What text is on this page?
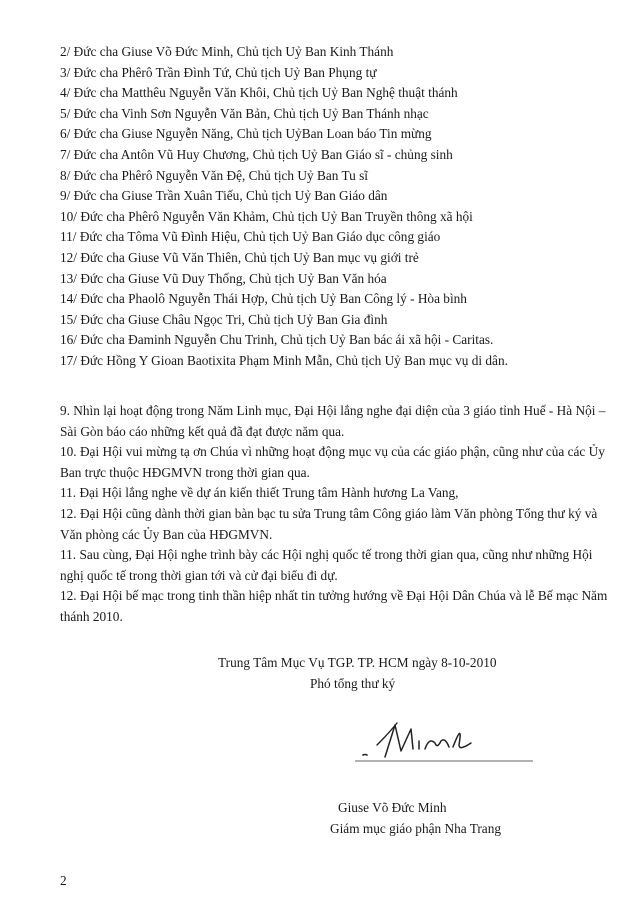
2/ Đức cha Giuse Võ Đức Minh, Chủ tịch Uỷ Ban Kinh Thánh
3/ Đức cha Phêrô Trần Đình Tứ, Chủ tịch Uỷ Ban Phụng tự
4/ Đức cha Matthêu Nguyễn Văn Khôi, Chủ tịch Uỷ Ban Nghệ thuật thánh
5/ Đức cha Vinh Sơn Nguyễn Văn Bản, Chủ tịch Uỷ Ban Thánh nhạc
6/ Đức cha Giuse Nguyễn Năng, Chủ tịch UỷBan Loan báo Tin mừng
7/ Đức cha Antôn Vũ Huy Chương, Chủ tịch Uỷ Ban Giáo sĩ - chủng sinh
8/ Đức cha Phêrô Nguyễn Văn Đệ, Chủ tịch Uỷ Ban Tu sĩ
9/ Đức cha Giuse Trần Xuân Tiếu, Chủ tịch Uỷ Ban Giáo dân
10/ Đức cha Phêrô Nguyễn Văn Khảm, Chủ tịch Uỷ Ban Truyền thông xã hội
11/ Đức cha Tôma Vũ Đình Hiệu, Chủ tịch Uỷ Ban Giáo dục công giáo
12/ Đức cha Giuse Vũ Văn Thiên, Chủ tịch Uỷ Ban mục vụ giới trẻ
13/ Đức cha Giuse Vũ Duy Thống, Chủ tịch Uỷ Ban Văn hóa
14/ Đức cha Phaolô Nguyễn Thái Hợp, Chủ tịch Uỷ Ban Công lý - Hòa bình
15/ Đức cha Giuse Châu Ngọc Tri, Chủ tịch Uỷ Ban Gia đình
16/ Đức cha Đaminh Nguyễn Chu Trinh, Chủ tịch Uỷ Ban bác ái xã hội - Caritas.
17/ Đức Hồng Y Gioan Baotixita Phạm Minh Mẫn, Chủ tịch Uỷ Ban mục vụ di dân.
9. Nhìn lại hoạt động trong Năm Linh mục, Đại Hội lắng nghe đại diện của 3 giáo tỉnh Huế - Hà Nội – Sài Gòn báo cáo những kết quả đã đạt được năm qua.
10. Đại Hội vui mừng tạ ơn Chúa vì những hoạt động mục vụ của các giáo phận, cũng như của các Ủy Ban trực thuộc HĐGMVN trong thời gian qua.
11. Đại Hội lắng nghe về dự án kiến thiết Trung tâm Hành hương La Vang,
12. Đại Hội cũng dành thời gian bàn bạc tu sửa Trung tâm Công giáo làm Văn phòng Tổng thư ký và Văn phòng các Ủy Ban của HĐGMVN.
11. Sau cùng, Đại Hội nghe trình bày các Hội nghị quốc tế trong thời gian qua, cũng như những Hội nghị quốc tế trong thời gian tới và cử đại biểu đi dự.
12. Đại Hội bế mạc trong tinh thần hiệp nhất tin tưởng hướng về Đại Hội Dân Chúa và lễ Bế mạc Năm thánh 2010.
Trung Tâm Mục Vụ TGP. TP. HCM ngày 8-10-2010
Phó tổng thư ký
Giuse Võ Đức Minh
Giám mục giáo phận Nha Trang
2
